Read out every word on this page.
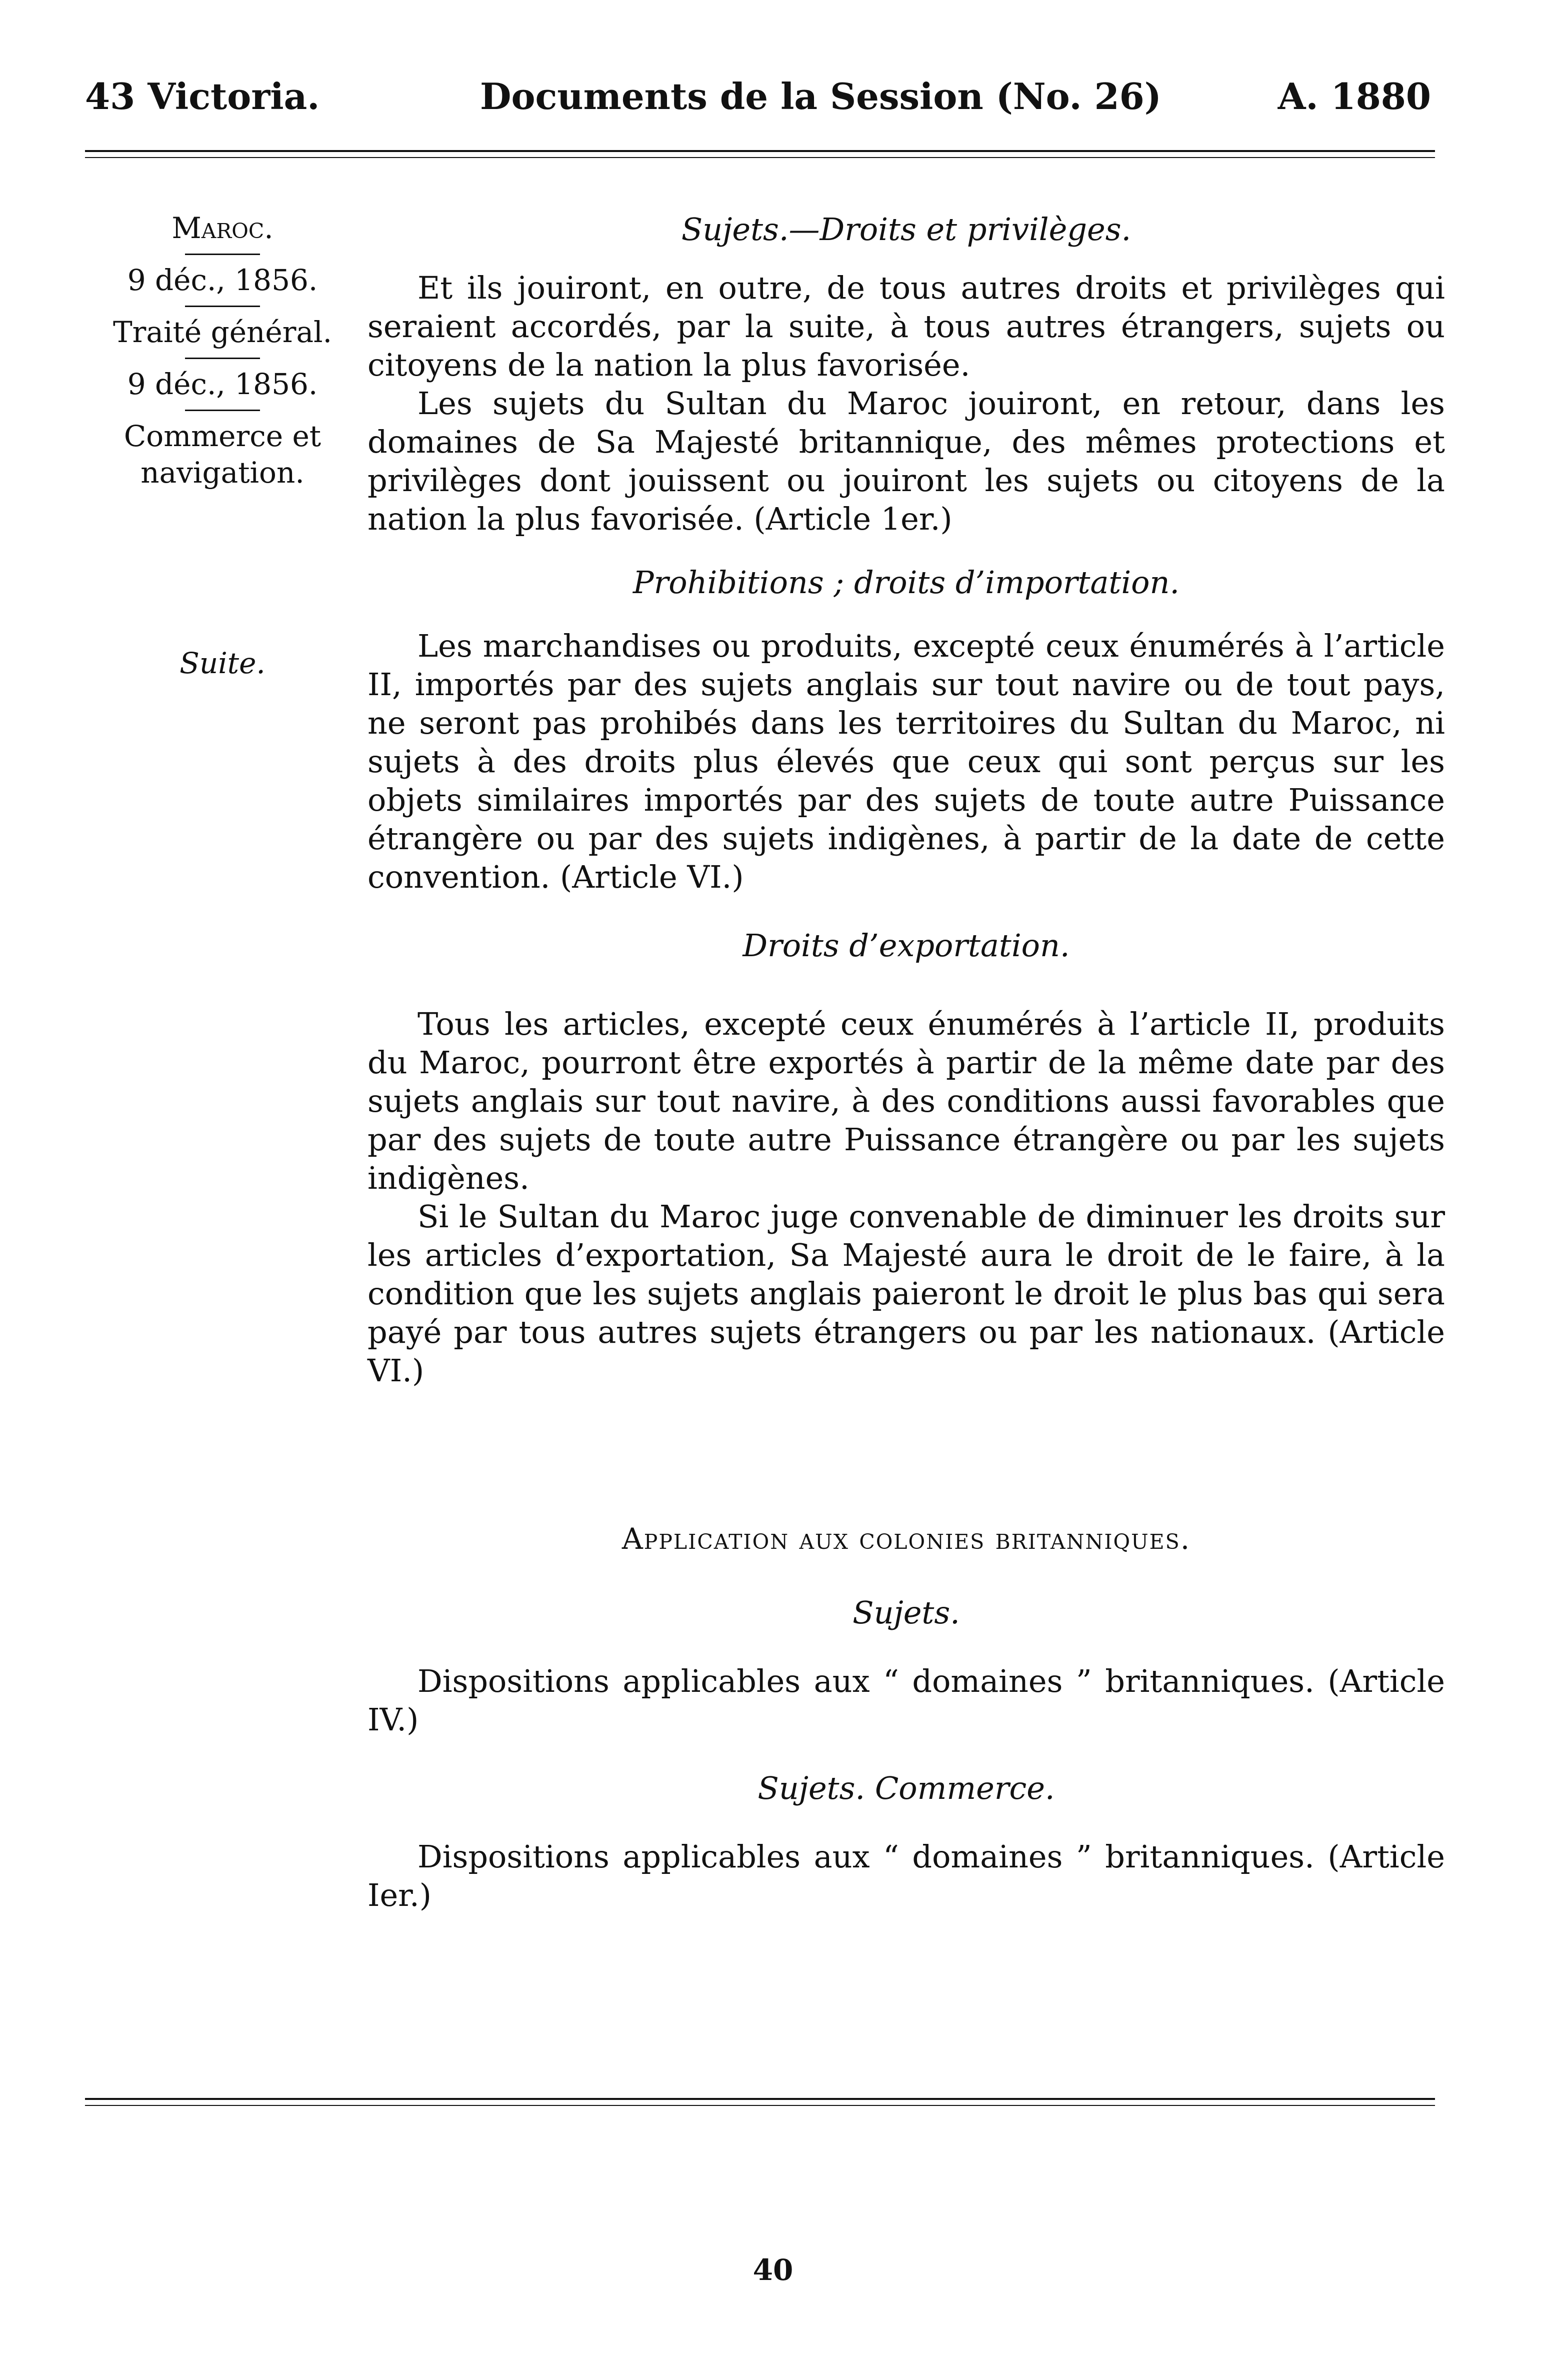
43 Victoria.	Documents de la Session (No. 26)	A. 1880

Maroc.

9 déc., 1856.

Traité général.

9 déc., 1856.

Commerce et navigation.

Suite.

Sujets.—Droits et privilèges.

Et ils jouiront, en outre, de tous autres droits et privilèges qui seraient accordés, par la suite, à tous autres étrangers, sujets ou citoyens de la nation la plus favorisée.

Les sujets du Sultan du Maroc jouiront, en retour, dans les domaines de Sa Majesté britannique, des mêmes protections et privilèges dont jouissent ou jouiront les sujets ou citoyens de la nation la plus favorisée. (Article 1er.)

Prohibitions ; droits d’importation.

Les marchandises ou produits, excepté ceux énumérés à l’article II, importés par des sujets anglais sur tout navire ou de tout pays, ne seront pas prohibés dans les territoires du Sultan du Maroc, ni sujets à des droits plus élevés que ceux qui sont perçus sur les objets similaires importés par des sujets de toute autre Puissance étrangère ou par des sujets indigènes, à partir de la date de cette convention. (Article VI.)

Droits d’exportation.

Tous les articles, excepté ceux énumérés à l’article II, produits du Maroc, pourront être exportés à partir de la même date par des sujets anglais sur tout navire, à des conditions aussi favorables que par des sujets de toute autre Puissance étrangère ou par les sujets indigènes.

Si le Sultan du Maroc juge convenable de diminuer les droits sur les articles d’exportation, Sa Majesté aura le droit de le faire, à la condition que les sujets anglais paieront le droit le plus bas qui sera payé par tous autres sujets étrangers ou par les nationaux. (Article VI.)

Application aux colonies britanniques.

Sujets.

Dispositions applicables aux “ domaines ” britanniques. (Article IV.)

Sujets. Commerce.

Dispositions applicables aux “ domaines ” britanniques. (Article Ier.)

40
